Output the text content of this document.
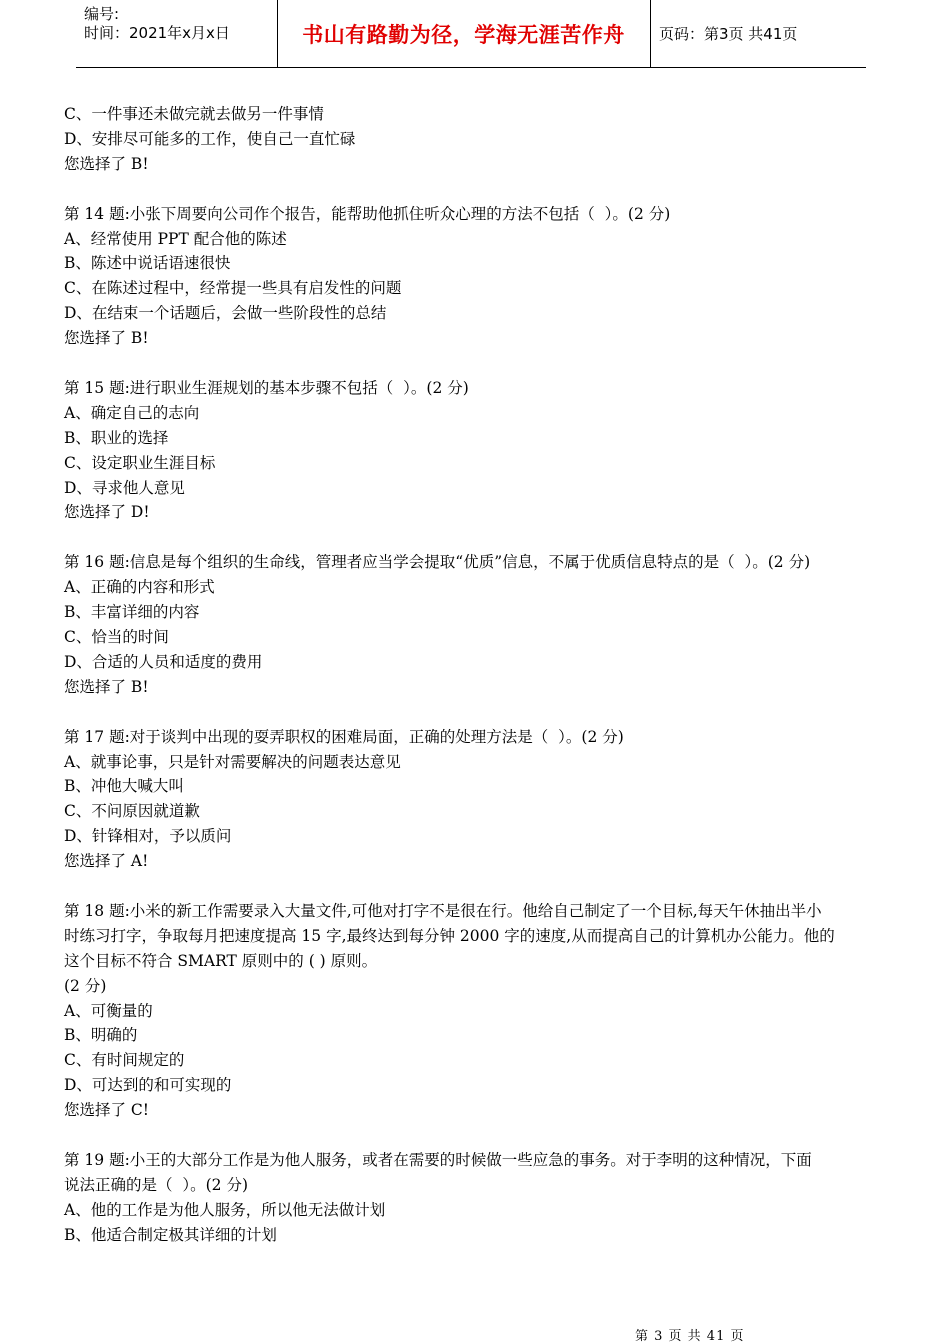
编号:
时间：2021年x月x日	书山有路勤为径，学海无涯苦作舟 页码：第3页 共41页
C、一件事还未做完就去做另一件事情
D、安排尽可能多的工作，使自己一直忙碌
您选择了 B!
第 14 题:小张下周要向公司作个报告，能帮助他抓住听众心理的方法不包括（  ）。(2 分)
A、经常使用 PPT 配合他的陈述
B、陈述中说话语速很快
C、在陈述过程中，经常提一些具有启发性的问题
D、在结束一个话题后，会做一些阶段性的总结
您选择了 B!
第 15 题:进行职业生涯规划的基本步骤不包括（  ）。(2 分)
A、确定自己的志向
B、职业的选择
C、设定职业生涯目标
D、寻求他人意见
您选择了 D!
第 16 题:信息是每个组织的生命线，管理者应当学会提取“优质”信息，不属于优质信息特点的是（  ）。(2 分)
A、正确的内容和形式
B、丰富详细的内容
C、恰当的时间
D、合适的人员和适度的费用
您选择了 B!
第 17 题:对于谈判中出现的耍弄职权的困难局面，正确的处理方法是（  ）。(2 分)
A、就事论事，只是针对需要解决的问题表达意见
B、冲他大喊大叫
C、不问原因就道歉
D、针锋相对，予以质问
您选择了 A!
第 18 题:小米的新工作需要录入大量文件,可他对打字不是很在行。他给自己制定了一个目标,每天午休抽出半小
时练习打字，争取每月把速度提高 15 字,最终达到每分钟 2000 字的速度,从而提高自己的计算机办公能力。他的
这个目标不符合 SMART 原则中的 ( ) 原则。
(2 分)
A、可衡量的
B、明确的
C、有时间规定的
D、可达到的和可实现的
您选择了 C!
第 19 题:小王的大部分工作是为他人服务，或者在需要的时候做一些应急的事务。对于李明的这种情况，下面
说法正确的是（  ）。(2 分)
A、他的工作是为他人服务，所以他无法做计划
B、他适合制定极其详细的计划
第 3 页 共 41 页
